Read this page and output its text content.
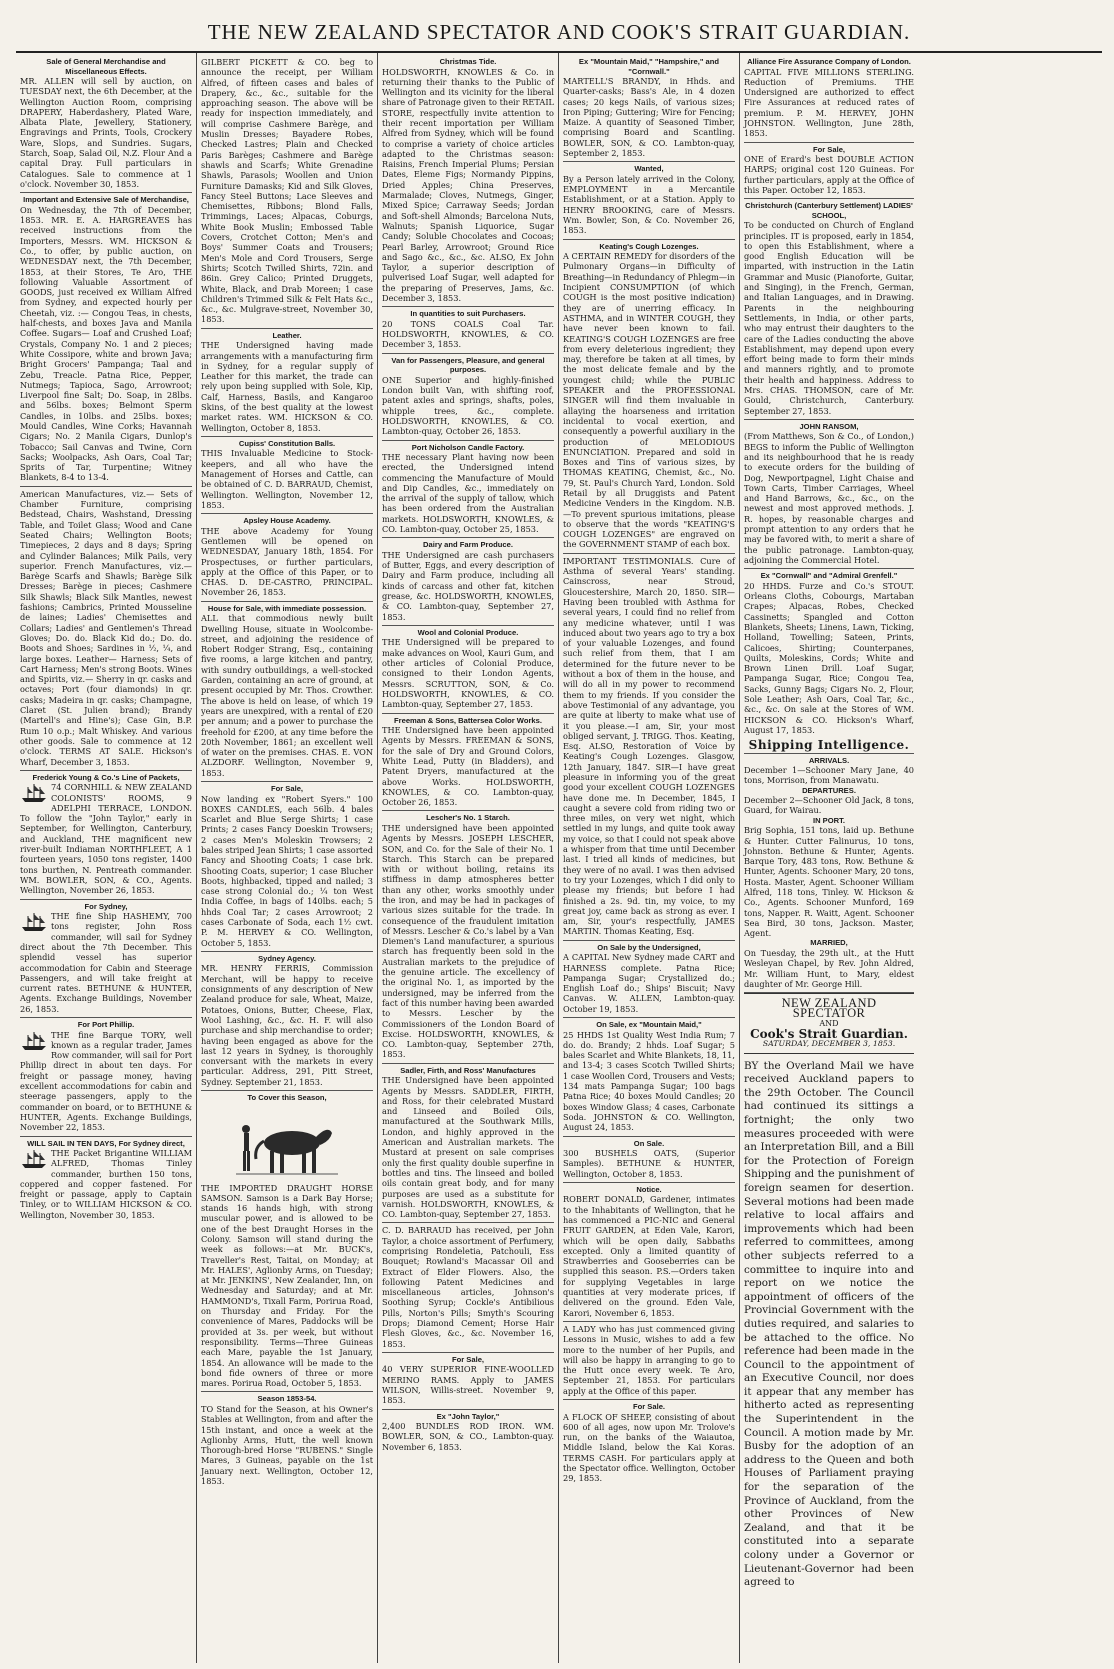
THE NEW ZEALAND SPECTATOR AND COOK'S STRAIT GUARDIAN.
Sale of General Merchandise and Miscellaneous Effects.
MR. ALLEN will sell by auction, on TUESDAY next, the 6th December, at the Wellington Auction Room, comprising DRAPERY, Haberdashery, Plated Ware, Albata Plate, Jewellery, Stationery, Engravings and Prints, Tools, Crockery Ware, Slops, and Sundries. Sugars, Starch, Soap, Salad Oil, N.Z. Flour And a capital Dray. Full particulars in Catalogues. Sale to commence at 1 o'clock. November 30, 1853.
Important and Extensive Sale of Merchandise,
On Wednesday, the 7th of December, 1853. MR. E. A. HARGREAVES has received instructions from the Importers, Messrs. WM. HICKSON & Co., to offer, by public auction, on WEDNESDAY next, the 7th December, 1853, at their Stores, Te Aro, THE following Valuable Assortment of GOODS, just received ex William Alfred from Sydney, and expected hourly per Cheetah, viz. :— Congou Teas, in chests, half-chests, and boxes Java and Manila Coffee. Sugars— Loaf and Crushed Loaf; Crystals, Company No. 1 and 2 pieces; White Cossipore, white and brown Java; Bright Grocers' Pampanga; Taal and Zebu, Treacle. Patna Rice, Pepper, Nutmegs; Tapioca, Sago, Arrowroot; Liverpool fine Salt; Do. Soap, in 28lbs. and 56lbs. boxes; Belmont Sperm Candles, in 10lbs. and 25lbs. boxes; Mould Candles, Wine Corks; Havannah Cigars; No. 2 Manila Cigars, Dunlop's Tobacco; Sail Canvas and Twine, Corn Sacks; Woolpacks, Ash Oars, Coal Tar; Sprits of Tar, Turpentine; Witney Blankets, 8-4 to 13-4.
American Manufactures, viz.— Sets of Chamber Furniture, comprising Bedstead, Chairs, Washstand, Dressing Table, and Toilet Glass; Wood and Cane Seated Chairs; Wellington Boots; Timepieces, 2 days and 8 days; Spring and Cylinder Balances; Milk Pails, very superior. French Manufactures, viz.— Barège Scarfs and Shawls; Barège Silk Dresses; Barège in pieces; Cashmere Silk Shawls; Black Silk Mantles, newest fashions; Cambrics, Printed Mousseline de laines; Ladies' Chemisettes and Collars; Ladies' and Gentlemen's Thread Gloves; Do. do. Black Kid do.; Do. do. Boots and Shoes; Sardines in ½, ¼, and large boxes. Leather— Harness; Sets of Cart Harness; Men's strong Boots. Wines and Spirits, viz.— Sherry in qr. casks and octaves; Port (four diamonds) in qr. casks; Madeira in qr. casks; Champagne, Claret (St. Julien brand); Brandy (Martell's and Hine's); Case Gin, B.P. Rum 10 o.p.; Malt Whiskey. And various other goods. Sale to commence at 12 o'clock. TERMS AT SALE. Hickson's Wharf, December 3, 1853.
Frederick Young & Co.'s Line of Packets,
74 CORNHILL & NEW ZEALAND COLONISTS' ROOMS, 9 ADELPHI TERRACE, LONDON. To follow the "John Taylor," early in September, for Wellington, Canterbury, and Auckland, THE magnificent new river-built Indiaman NORTHFLEET, A 1 fourteen years, 1050 tons register, 1400 tons burthen, N. Pentreath commander. WM. BOWLER, SON, & CO., Agents. Wellington, November 26, 1853.
For Sydney,
THE fine Ship HASHEMY, 700 tons register, John Ross commander, will sail for Sydney direct about the 7th December. This splendid vessel has superior accommodation for Cabin and Steerage Passengers, and will take freight at current rates. BETHUNE & HUNTER, Agents. Exchange Buildings, November 26, 1853.
For Port Phillip.
THE fine Barque TORY, well known as a regular trader, James Row commander, will sail for Port Phillip direct in about ten days. For freight or passage money, having excellent accommodations for cabin and steerage passengers, apply to the commander on board, or to BETHUNE & HUNTER, Agents. Exchange Buildings, November 22, 1853.
WILL SAIL IN TEN DAYS, For Sydney direct,
THE Packet Brigantine WILLIAM ALFRED, Thomas Tinley commander, burthen 150 tons, coppered and copper fastened. For freight or passage, apply to Captain Tinley, or to WILLIAM HICKSON & CO. Wellington, November 30, 1853.
GILBERT PICKETT & CO. beg to announce the receipt, per William Alfred, of fifteen cases and bales of Drapery, &c., &c., suitable for the approaching season. The above will be ready for inspection immediately, and will comprise Cashmere Barège, and Muslin Dresses; Bayadere Robes, Checked Lastres; Plain and Checked Paris Barèges; Cashmere and Barège shawls and Scarfs; White Grenadine Shawls, Parasols; Woollen and Union Furniture Damasks; Kid and Silk Gloves, Fancy Steel Buttons; Lace Sleeves and Chemisettes, Ribbons; Blond Falls, Trimmings, Laces; Alpacas, Coburgs, White Book Muslin; Embossed Table Covers, Crotchet Cotton; Men's and Boys' Summer Coats and Trousers; Men's Mole and Cord Trousers, Serge Shirts; Scotch Twilled Shirts, 72in. and 86in. Grey Calico; Printed Druggets, White, Black, and Drab Moreen; 1 case Children's Trimmed Silk & Felt Hats &c., &c., &c. Mulgrave-street, November 30, 1853.
Leather.
THE Undersigned having made arrangements with a manufacturing firm in Sydney, for a regular supply of Leather for this market, the trade can rely upon being supplied with Sole, Kip, Calf, Harness, Basils, and Kangaroo Skins, of the best quality at the lowest market rates. WM. HICKSON & CO. Wellington, October 8, 1853.
Cupiss' Constitution Balls.
THIS Invaluable Medicine to Stock-keepers, and all who have the Management of Horses and Cattle, can be obtained of C. D. BARRAUD, Chemist, Wellington. Wellington, November 12, 1853.
Apsley House Academy.
THE above Academy for Young Gentlemen will be opened on WEDNESDAY, January 18th, 1854. For Prospectuses, or further particulars, apply at the Office of this Paper, or to CHAS. D. DE-CASTRO, PRINCIPAL. November 26, 1853.
House for Sale, with immediate possession.
ALL that commodious newly built Dwelling House, situate in Woolcombe-street, and adjoining the residence of Robert Rodger Strang, Esq., containing five rooms, a large kitchen and pantry, with sundry outbuildings, a well-stocked Garden, containing an acre of ground, at present occupied by Mr. Thos. Crowther. The above is held on lease, of which 19 years are unexpired, with a rental of £20 per annum; and a power to purchase the freehold for £200, at any time before the 20th November, 1861; an excellent well of water on the premises. CHAS. E. VON ALZDORF. Wellington, November 9, 1853.
For Sale,
Now landing ex "Robert Syers." 100 BOXES CANDLES, each 56lb. 4 bales Scarlet and Blue Serge Shirts; 1 case Prints; 2 cases Fancy Doeskin Trowsers; 2 cases Men's Moleskin Trowsers; 2 bales striped Jean Shirts; 1 case assorted Fancy and Shooting Coats; 1 case brk. Shooting Coats, superior; 1 case Blucher Boots, highbacked, tipped and nailed; 3 case strong Colonial do.; ¼ ton West India Coffee, in bags of 140lbs. each; 5 hhds Coal Tar; 2 cases Arrowroot; 2 cases Carbonate of Soda, each 1½ cwt. P. M. HERVEY & CO. Wellington, October 5, 1853.
Sydney Agency.
MR. HENRY FERRIS, Commission Merchant, will be happy to receive consignments of any description of New Zealand produce for sale, Wheat, Maize, Potatoes, Onions, Butter, Cheese, Flax, Wool Lashing, &c., &c. H. F. will also purchase and ship merchandise to order; having been engaged as above for the last 12 years in Sydney, is thoroughly conversant with the markets in every particular. Address, 291, Pitt Street, Sydney. September 21, 1853.
To Cover this Season,
THE IMPORTED DRAUGHT HORSE SAMSON. Samson is a Dark Bay Horse; stands 16 hands high, with strong muscular power, and is allowed to be one of the best Draught Horses in the Colony. Samson will stand during the week as follows:—at Mr. BUCK's, Traveller's Rest, Taitai, on Monday; at Mr. HALES', Aglionby Arms, on Tuesday; at Mr. JENKINS', New Zealander, Inn, on Wednesday and Saturday; and at Mr. HAMMOND's, Tixall Farm, Porirua Road, on Thursday and Friday. For the convenience of Mares, Paddocks will be provided at 3s. per week, but without responsibility. Terms—Three Guineas each Mare, payable the 1st January, 1854. An allowance will be made to the bond fide owners of three or more mares. Porirua Road, October 5, 1853.
Season 1853-54.
TO Stand for the Season, at his Owner's Stables at Wellington, from and after the 15th instant, and once a week at the Aglionby Arms, Hutt, the well known Thorough-bred Horse "RUBENS." Single Mares, 3 Guineas, payable on the 1st January next. Wellington, October 12, 1853.
Christmas Tide.
HOLDSWORTH, KNOWLES & Co. in returning their thanks to the Public of Wellington and its vicinity for the liberal share of Patronage given to their RETAIL STORE, respectfully invite attention to their recent importation per William Alfred from Sydney, which will be found to comprise a variety of choice articles adapted to the Christmas season: Raisins, French Imperial Plums; Persian Dates, Eleme Figs; Normandy Pippins, Dried Apples; China Preserves, Marmalade; Cloves, Nutmegs, Ginger, Mixed Spice; Carraway Seeds; Jordan and Soft-shell Almonds; Barcelona Nuts, Walnuts; Spanish Liquorice, Sugar Candy; Soluble Chocolates and Cocoas; Pearl Barley, Arrowroot; Ground Rice and Sago &c., &c., &c. ALSO, Ex John Taylor, a superior description of pulverised Loaf Sugar, well adapted for the preparing of Preserves, Jams, &c. December 3, 1853.
In quantities to suit Purchasers.
20 TONS COALS Coal Tar. HOLDSWORTH, KNOWLES, & CO. December 3, 1853.
Van for Passengers, Pleasure, and general purposes.
ONE Superior and highly-finished London built Van, with shifting roof, patent axles and springs, shafts, poles, whipple trees, &c., complete. HOLDSWORTH, KNOWLES, & CO. Lambton-quay, October 26, 1853.
Port Nicholson Candle Factory.
THE necessary Plant having now been erected, the Undersigned intend commencing the Manufacture of Mould and Dip Candles, &c., immediately on the arrival of the supply of tallow, which has been ordered from the Australian markets. HOLDSWORTH, KNOWLES, & CO. Lambton-quay, October 25, 1853.
Dairy and Farm Produce.
THE Undersigned are cash purchasers of Butter, Eggs, and every description of Dairy and Farm produce, including all kinds of carcass and other fat, kitchen grease, &c. HOLDSWORTH, KNOWLES, & CO. Lambton-quay, September 27, 1853.
Wool and Colonial Produce.
THE Undersigned will be prepared to make advances on Wool, Kauri Gum, and other articles of Colonial Produce, consigned to their London Agents, Messrs. SCRUTTON, SON, & Co. HOLDSWORTH, KNOWLES, & CO. Lambton-quay, September 27, 1853.
Freeman & Sons, Battersea Color Works.
THE Undersigned have been appointed Agents by Messrs. FREEMAN & SONS, for the sale of Dry and Ground Colors, White Lead, Putty (in Bladders), and Patent Dryers, manufactured at the above Works. HOLDSWORTH, KNOWLES, & CO. Lambton-quay, October 26, 1853.
Lescher's No. 1 Starch.
THE undersigned have been appointed Agents by Messrs. JOSEPH LESCHER, SON, and Co. for the Sale of their No. 1 Starch. This Starch can be prepared with or without boiling, retains its stiffness in damp atmospheres better than any other, works smoothly under the iron, and may be had in packages of various sizes suitable for the trade. In consequence of the fraudulent imitation of Messrs. Lescher & Co.'s label by a Van Diemen's Land manufacturer, a spurious starch has frequently been sold in the Australian markets to the prejudice of the genuine article. The excellency of the original No. 1, as imported by the undersigned, may be inferred from the fact of this number having been awarded to Messrs. Lescher by the Commissioners of the London Board of Excise. HOLDSWORTH, KNOWLES, & CO. Lambton-quay, September 27th, 1853.
Sadler, Firth, and Ross' Manufactures
THE Undersigned have been appointed Agents by Messrs. SADDLER, FIRTH, and Ross, for their celebrated Mustard and Linseed and Boiled Oils, manufactured at the Southwark Mills, London, and highly approved in the American and Australian markets. The Mustard at present on sale comprises only the first quality double superfine in bottles and tins. The linseed and boiled oils contain great body, and for many purposes are used as a substitute for varnish. HOLDSWORTH, KNOWLES, & CO. Lambton-quay, September 27, 1853.
C. D. BARRAUD has received, per John Taylor, a choice assortment of Perfumery, comprising Rondeletia, Patchouli, Ess Bouquet; Rowland's Macassar Oil and Extract of Elder Flowers. Also, the following Patent Medicines and miscellaneous articles, Johnson's Soothing Syrup; Cockle's Antibilious Pills, Norton's Pills; Smyth's Scouring Drops; Diamond Cement; Horse Hair Flesh Gloves, &c., &c. November 16, 1853.
For Sale,
40 VERY SUPERIOR FINE-WOOLLED MERINO RAMS. Apply to JAMES WILSON, Willis-street. November 9, 1853.
Ex "John Taylor,"
2,400 BUNDLES ROD IRON. WM. BOWLER, SON, & CO., Lambton-quay. November 6, 1853.
Ex "Mountain Maid," "Hampshire," and "Cornwall."
MARTELL'S BRANDY, in Hhds. and Quarter-casks; Bass's Ale, in 4 dozen cases; 20 kegs Nails, of various sizes; Iron Piping; Guttering; Wire for Fencing; Maize. A quantity of Seasoned Timber, comprising Board and Scantling. BOWLER, SON, & CO. Lambton-quay, September 2, 1853.
Wanted,
By a Person lately arrived in the Colony, EMPLOYMENT in a Mercantile Establishment, or at a Station. Apply to HENRY BROOKING, care of Messrs. Wm. Bowler, Son, & Co. November 26, 1853.
Keating's Cough Lozenges.
A CERTAIN REMEDY for disorders of the Pulmonary Organs—in Difficulty of Breathing—in Redundancy of Phlegm—in Incipient CONSUMPTION (of which COUGH is the most positive indication) they are of unerring efficacy. In ASTHMA, and in WINTER COUGH, they have never been known to fail. KEATING'S COUGH LOZENGES are free from every deleterious ingredient; they may, therefore be taken at all times, by the most delicate female and by the youngest child; while the PUBLIC SPEAKER and the PROFESSIONAL SINGER will find them invaluable in allaying the hoarseness and irritation incidental to vocal exertion, and consequently a powerful auxiliary in the production of MELODIOUS ENUNCIATION. Prepared and sold in Boxes and Tins of various sizes, by THOMAS KEATING, Chemist, &c., No. 79, St. Paul's Church Yard, London. Sold Retail by all Druggists and Patent Medicine Venders in the Kingdom. N.B.—To prevent spurious imitations, please to observe that the words "KEATING'S COUGH LOZENGES" are engraved on the GOVERNMENT STAMP of each box.
IMPORTANT TESTIMONIALS. Cure of Asthma of several Years' standing. Cainscross, near Stroud, Gloucestershire, March 20, 1850. SIR—Having been troubled with Asthma for several years, I could find no relief from any medicine whatever, until I was induced about two years ago to try a box of your valuable Lozenges, and found such relief from them, that I am determined for the future never to be without a box of them in the house, and will do all in my power to recommend them to my friends. If you consider the above Testimonial of any advantage, you are quite at liberty to make what use of it you please.—I am, Sir, your most obliged servant, J. TRIGG. Thos. Keating, Esq. ALSO, Restoration of Voice by Keating's Cough Lozenges. Glasgow, 12th January, 1847. SIR—I have great pleasure in informing you of the great good your excellent COUGH LOZENGES have done me. In December, 1845, I caught a severe cold from riding two or three miles, on very wet night, which settled in my lungs, and quite took away my voice, so that I could not speak above a whisper from that time until December last. I tried all kinds of medicines, but they were of no avail. I was then advised to try your Lozenges, which I did only to please my friends; but before I had finished a 2s. 9d. tin, my voice, to my great joy, came back as strong as ever. I am, Sir, your's respectfully, JAMES MARTIN. Thomas Keating, Esq.
On Sale by the Undersigned,
A CAPITAL New Sydney made CART and HARNESS complete. Patna Rice; Pampanga Sugar; Crystallized do.; English Loaf do.; Ships' Biscuit; Navy Canvas. W. ALLEN, Lambton-quay. October 19, 1853.
On Sale, ex "Mountain Maid,"
25 HHDS 1st Quality West India Rum; 7 do. do. Brandy; 2 hhds. Loaf Sugar; 5 bales Scarlet and White Blankets, 18, 11, and 13-4; 3 cases Scotch Twilled Shirts; 1 case Woollen Cord, Trousers and Vests; 134 mats Pampanga Sugar; 100 bags Patna Rice; 40 boxes Mould Candles; 20 boxes Window Glass; 4 cases, Carbonate Soda. JOHNSTON & CO. Wellington, August 24, 1853.
On Sale.
300 BUSHELS OATS, (Superior Samples). BETHUNE & HUNTER, Wellington, October 8, 1853.
Notice.
ROBERT DONALD, Gardener, intimates to the Inhabitants of Wellington, that he has commenced a PIC-NIC and General FRUIT GARDEN, at Eden Vale, Karori, which will be open daily, Sabbaths excepted. Only a limited quantity of Strawberries and Gooseberries can be supplied this season. P.S.—Orders taken for supplying Vegetables in large quantities at very moderate prices, if delivered on the ground. Eden Vale, Karori, November 6, 1853.
A LADY who has just commenced giving Lessons in Music, wishes to add a few more to the number of her Pupils, and will also be happy in arranging to go to the Hutt once every week. Te Aro, September 21, 1853. For particulars apply at the Office of this paper.
For Sale.
A FLOCK OF SHEEP, consisting of about 600 of all ages, now upon Mr. Trolove's run, on the banks of the Waiautoa, Middle Island, below the Kai Koras. TERMS CASH. For particulars apply at the Spectator office. Wellington, October 29, 1853.
Alliance Fire Assurance Company of London.
CAPITAL FIVE MILLIONS STERLING. Reduction of Premiums. THE Undersigned are authorized to effect Fire Assurances at reduced rates of premium. P. M. HERVEY, JOHN JOHNSTON. Wellington, June 28th, 1853.
For Sale,
ONE of Erard's best DOUBLE ACTION HARPS; original cost 120 Guineas. For further particulars, apply at the Office of this Paper. October 12, 1853.
Christchurch (Canterbury Settlement) LADIES' SCHOOL,
To be conducted on Church of England principles. IT is proposed, early in 1854, to open this Establishment, where a good English Education will be imparted, with instruction in the Latin Grammar and Music (Pianoforte, Guitar, and Singing), in the French, German, and Italian Languages, and in Drawing. Parents in the neighbouring Settlements, in India, or other parts, who may entrust their daughters to the care of the Ladies conducting the above Establishment, may depend upon every effort being made to form their minds and manners rightly, and to promote their health and happiness. Address to Mrs. CHAS. THOMSON, care of Mr. Gould, Christchurch, Canterbury. September 27, 1853.
JOHN RANSOM,
(From Matthews, Son & Co., of London,) BEGS to inform the Public of Wellington and its neighbourhood that he is ready to execute orders for the building of Dog, Newportpagnel, Light Chaise and Town Carts, Timber Carriages, Wheel and Hand Barrows, &c., &c., on the newest and most approved methods. J. R. hopes, by reasonable charges and prompt attention to any orders that he may be favored with, to merit a share of the public patronage. Lambton-quay, adjoining the Commercial Hotel.
Ex "Cornwall" and "Admiral Grenfell."
20 HHDS. Furze and Co.'s STOUT. Orleans Cloths, Cobourgs, Martaban Crapes; Alpacas, Robes, Checked Cassinetts; Spangled and Cotton Blankets, Sheets; Linens, Lawn, Ticking, Holland, Towelling; Sateen, Prints, Calicoes, Shirting; Counterpanes, Quilts, Moleskins, Cords; White and Brown Linen Drill. Loaf Sugar, Pampanga Sugar, Rice; Congou Tea, Sacks, Gunny Bags; Cigars No. 2, Flour, Sole Leather; Ash Oars, Coal Tar, &c., &c., &c. On sale at the Stores of WM. HICKSON & CO. Hickson's Wharf, August 17, 1853.
Shipping Intelligence.
ARRIVALS.
December 1—Schooner Mary Jane, 40 tons, Morrison, from Manawatu.
DEPARTURES.
December 2—Schooner Old Jack, 8 tons, Guard, for Wairau.
IN PORT.
Brig Sophia, 151 tons, laid up. Bethune & Hunter. Cutter Falinurus, 10 tons, Johnston. Bethune & Hunter, Agents. Barque Tory, 483 tons, Row. Bethune & Hunter, Agents. Schooner Mary, 20 tons, Hosta. Master, Agent. Schooner William Alfred, 118 tons, Tinley. W. Hickson & Co., Agents. Schooner Munford, 169 tons, Napper. R. Waitt, Agent. Schooner Sea Bird, 30 tons, Jackson. Master, Agent.
MARRIED,
On Tuesday, the 29th ult., at the Hutt Wesleyan Chapel, by Rev. John Aldred, Mr. William Hunt, to Mary, eldest daughter of Mr. George Hill.
NEW ZEALAND SPECTATOR
AND
Cook's Strait Guardian.
SATURDAY, DECEMBER 3, 1853.
BY the Overland Mail we have received Auckland papers to the 29th October. The Council had continued its sittings a fortnight; the only two measures proceeded with were an Interpretation Bill, and a Bill for the Protection of Foreign Shipping and the punishment of foreign seamen for desertion. Several motions had been made relative to local affairs and improvements which had been referred to committees, among other subjects referred to a committee to inquire into and report on we notice the appointment of officers of the Provincial Government with the duties required, and salaries to be attached to the office. No reference had been made in the Council to the appointment of an Executive Council, nor does it appear that any member has hitherto acted as representing the Superintendent in the Council. A motion made by Mr. Busby for the adoption of an address to the Queen and both Houses of Parliament praying for the separation of the Province of Auckland, from the other Provinces of New Zealand, and that it be constituted into a separate colony under a Governor or Lieutenant-Governor had been agreed to
